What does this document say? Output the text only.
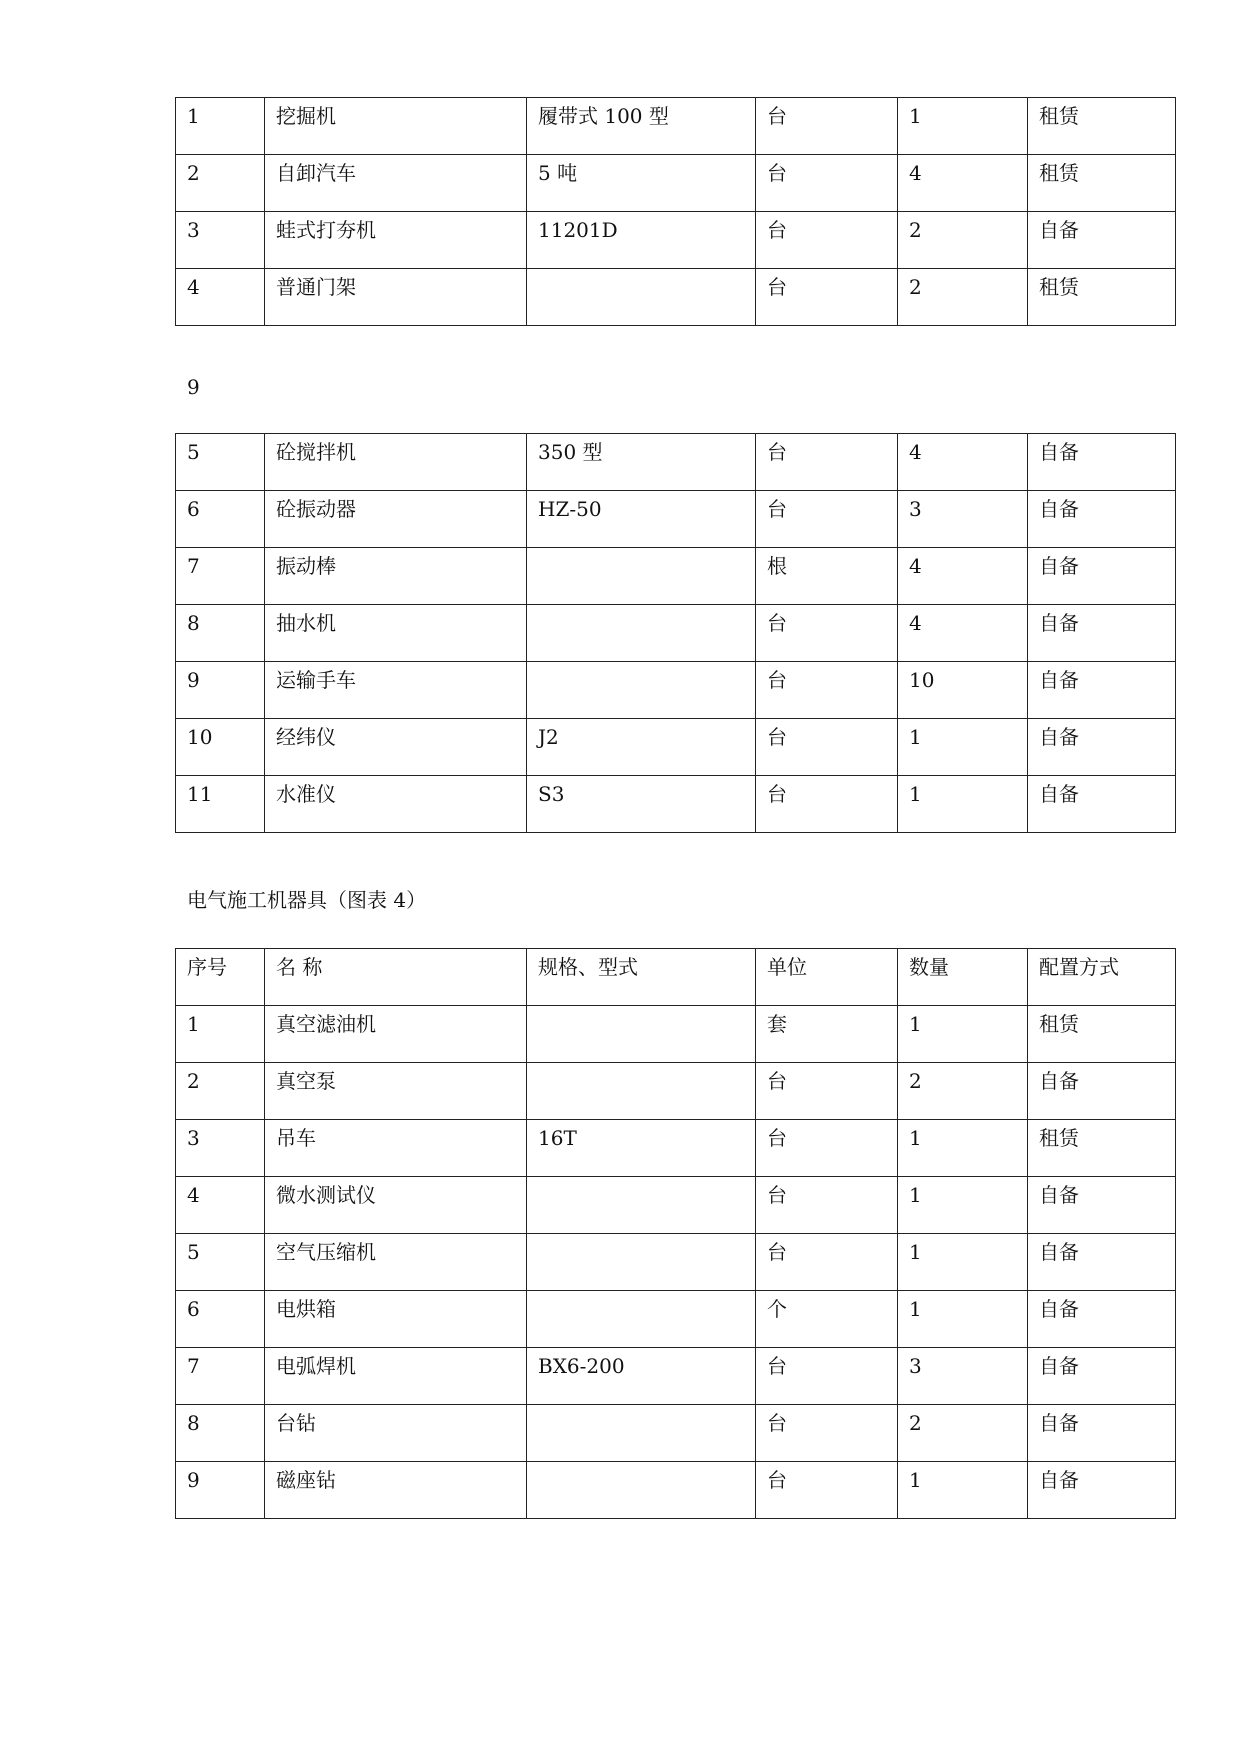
1	挖掘机	履带式 100 型	台	1	租赁
2	自卸汽车	5 吨	台	4	租赁
3	蛙式打夯机	11201D	台	2	自备
4	普通门架		台	2	租赁
9
5	砼搅拌机	350 型	台	4	自备
6	砼振动器	HZ-50	台	3	自备
7	振动棒		根	4	自备
8	抽水机		台	4	自备
9	运输手车		台	10	自备
10	经纬仪	J2	台	1	自备
11	水准仪	S3	台	1	自备
电气施工机器具（图表 4）
序号	名 称	规格、型式	单位	数量	配置方式
1	真空滤油机		套	1	租赁
2	真空泵		台	2	自备
3	吊车	16T	台	1	租赁
4	微水测试仪		台	1	自备
5	空气压缩机		台	1	自备
6	电烘箱		个	1	自备
7	电弧焊机	BX6-200	台	3	自备
8	台钻		台	2	自备
9	磁座钻		台	1	自备
